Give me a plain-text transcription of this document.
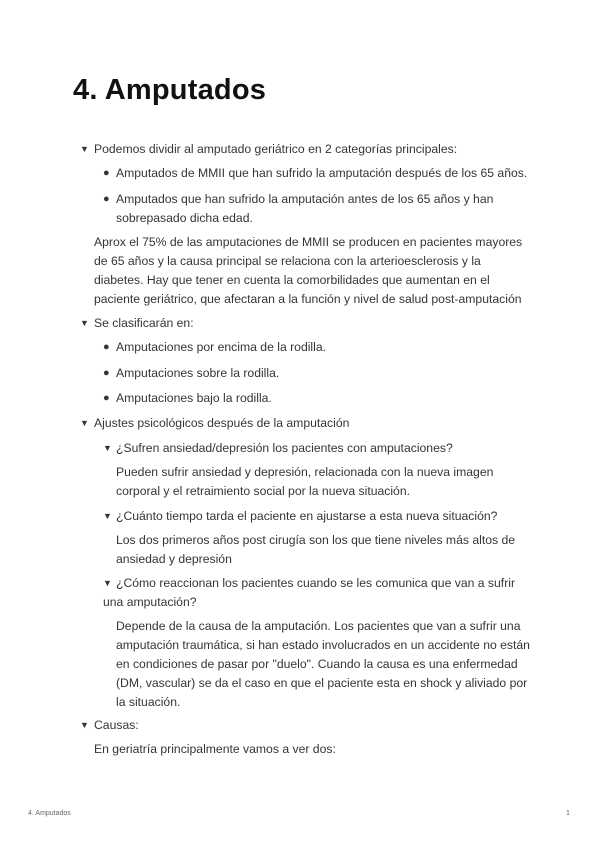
4. Amputados
▼ Podemos dividir al amputado geriátrico en 2 categorías principales:
● Amputados de MMII que han sufrido la amputación después de los 65 años.
● Amputados que han sufrido la amputación antes de los 65 años y han
sobrepasado dicha edad.
Aprox el 75% de las amputaciones de MMII se producen en pacientes mayores
de 65 años y la causa principal se relaciona con la arterioesclerosis y la
diabetes. Hay que tener en cuenta la comorbilidades que aumentan en el
paciente geriátrico, que afectaran a la función y nivel de salud post-amputación
▼ Se clasificarán en:
● Amputaciones por encima de la rodilla.
● Amputaciones sobre la rodilla.
● Amputaciones bajo la rodilla.
▼ Ajustes psicológicos después de la amputación
▼ ¿Sufren ansiedad/depresión los pacientes con amputaciones?
Pueden sufrir ansiedad y depresión, relacionada con la nueva imagen
corporal y el retraimiento social por la nueva situación.
▼ ¿Cuánto tiempo tarda el paciente en ajustarse a esta nueva situación?
Los dos primeros años post cirugía son los que tiene niveles más altos de
ansiedad y depresión
▼ ¿Cómo reaccionan los pacientes cuando se les comunica que van a sufrir
una amputación?
Depende de la causa de la amputación. Los pacientes que van a sufrir una
amputación traumática, si han estado involucrados en un accidente no están
en condiciones de pasar por "duelo". Cuando la causa es una enfermedad
(DM, vascular) se da el caso en que el paciente esta en shock y aliviado por
la situación.
▼ Causas:
En geriatría principalmente vamos a ver dos:
4. Amputados	1
